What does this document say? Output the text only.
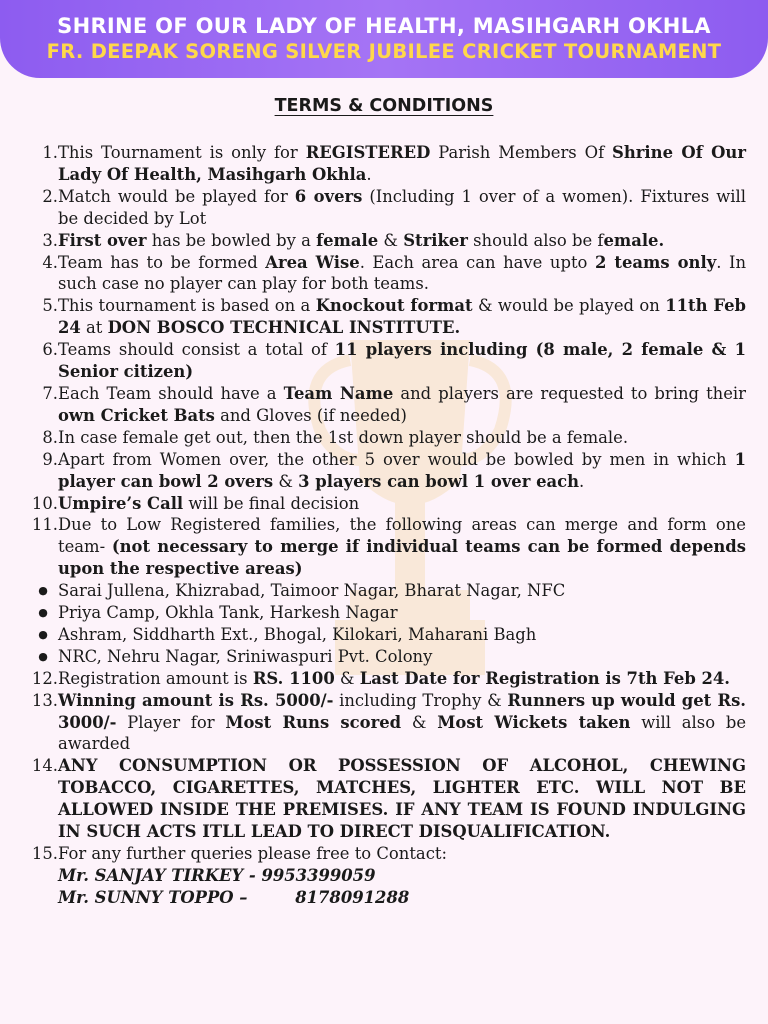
SHRINE OF OUR LADY OF HEALTH, MASIHGARH OKHLA
FR. DEEPAK SORENG SILVER JUBILEE CRICKET TOURNAMENT
TERMS & CONDITIONS
1. This Tournament is only for REGISTERED Parish Members Of Shrine Of Our Lady Of Health, Masihgarh Okhla.
2. Match would be played for 6 overs (Including 1 over of a women). Fixtures will be decided by Lot
3. First over has be bowled by a female & Striker should also be female.
4. Team has to be formed Area Wise. Each area can have upto 2 teams only. In such case no player can play for both teams.
5. This tournament is based on a Knockout format & would be played on 11th Feb 24 at DON BOSCO TECHNICAL INSTITUTE.
6. Teams should consist a total of 11 players including (8 male, 2 female & 1 Senior citizen)
7. Each Team should have a Team Name and players are requested to bring their own Cricket Bats and Gloves (if needed)
8. In case female get out, then the 1st down player should be a female.
9. Apart from Women over, the other 5 over would be bowled by men in which 1 player can bowl 2 overs & 3 players can bowl 1 over each.
10. Umpire’s Call will be final decision
11. Due to Low Registered families, the following areas can merge and form one team- (not necessary to merge if individual teams can be formed depends upon the respective areas)
● Sarai Jullena, Khizrabad, Taimoor Nagar, Bharat Nagar, NFC
● Priya Camp, Okhla Tank, Harkesh Nagar
● Ashram, Siddharth Ext., Bhogal, Kilokari, Maharani Bagh
● NRC, Nehru Nagar, Sriniwaspuri Pvt. Colony
12. Registration amount is RS. 1100 & Last Date for Registration is 7th Feb 24.
13. Winning amount is Rs. 5000/- including Trophy & Runners up would get Rs. 3000/- Player for Most Runs scored & Most Wickets taken will also be awarded
14. ANY CONSUMPTION OR POSSESSION OF ALCOHOL, CHEWING TOBACCO, CIGARETTES, MATCHES, LIGHTER ETC. WILL NOT BE ALLOWED INSIDE THE PREMISES. IF ANY TEAM IS FOUND INDULGING IN SUCH ACTS ITLL LEAD TO DIRECT DISQUALIFICATION.
15. For any further queries please free to Contact:
Mr. SANJAY TIRKEY - 9953399059
Mr. SUNNY TOPPO –	8178091288
